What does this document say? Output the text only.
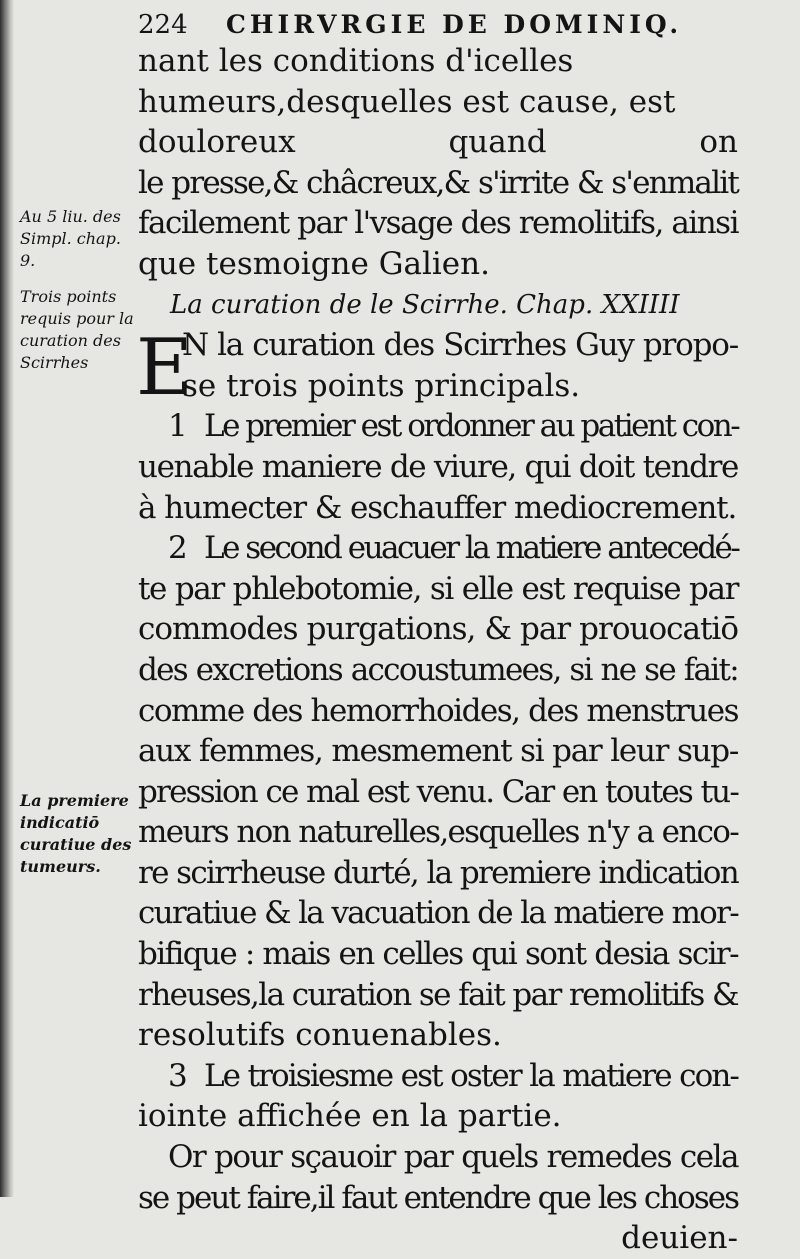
224 CHIRVRGIE DE DOMINIQ.
Au 5 liu. des Simpl. chap. 9.
Trois points requis pour la curation des Scirrhes
La premiere indicatiō curatiue des tumeurs.
nant les conditions d'icelles humeurs,desquelles est cause, est douloreux quand on
le presse,& châcreux,& s'irrite & s'enmalit
facilement par l'vsage des remolitifs, ainsi
que tesmoigne Galien.
La curation de le Scirrhe. Chap. XXIIII
E
N la curation des Scirrhes Guy propo-
se trois points principals.
1 Le premier est ordonner au patient con-
uenable maniere de viure, qui doit tendre
à humecter & eschauffer mediocrement.
2 Le second euacuer la matiere antecedé-
te par phlebotomie, si elle est requise par
commodes purgations, & par prouocatiō
des excretions accoustumees, si ne se fait:
comme des hemorrhoides, des menstrues
aux femmes, mesmement si par leur sup-
pression ce mal est venu. Car en toutes tu-
meurs non naturelles,esquelles n'y a enco-
re scirrheuse durté, la premiere indication
curatiue & la vacuation de la matiere mor-
bifique : mais en celles qui sont desia scir-
rheuses,la curation se fait par remolitifs &
resolutifs conuenables.
3 Le troisiesme est oster la matiere con-
iointe affichée en la partie.
Or pour sçauoir par quels remedes cela
se peut faire,il faut entendre que les choses
deuien-
